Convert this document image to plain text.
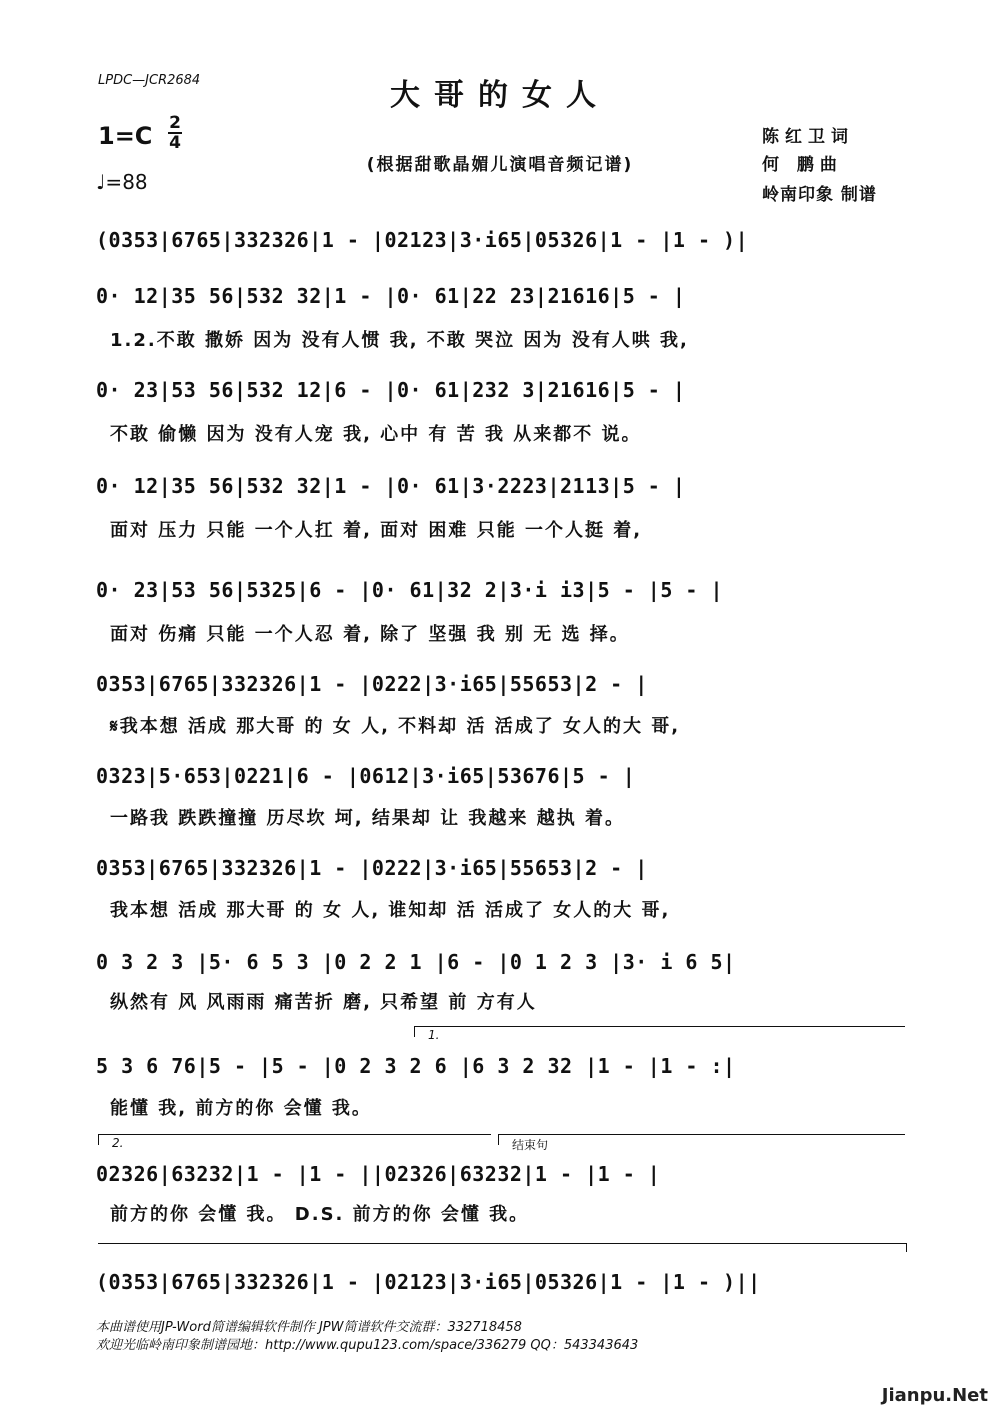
LPDC—JCR2684	大哥的女人
(根据甜歌晶媚儿演唱音频记谱)
1=C 2
4
♩=88
陈红卫词
何 鹏曲
岭南印象 制谱
(0353|6765|332326|1 - |02123|3·i65|05326|1 - |1 - )|
0· 12|35 56|532 32|1 - |0· 61|22 23|21616|5 - |
1.2.不敢 撒娇 因为 没有人惯 我, 不敢 哭泣 因为 没有人哄 我,
0· 23|53 56|532 12|6 - |0· 61|232 3|21616|5 - |
不敢 偷懒 因为 没有人宠 我, 心中 有 苦 我 从来都不 说。
0· 12|35 56|532 32|1 - |0· 61|3·2223|2113|5 - |
面对 压力 只能 一个人扛 着, 面对 困难 只能 一个人挺 着,
0· 23|53 56|5325|6 - |0· 61|32 2|3·i i3|5 - |5 - |
面对 伤痛 只能 一个人忍 着, 除了 坚强 我 别 无 选 择。
0353|6765|332326|1 - |0222|3·i65|55653|2 - |
𝄋我本想 活成 那大哥 的 女 人, 不料却 活 活成了 女人的大 哥,
0323|5·653|0221|6 - |0612|3·i65|53676|5 - |
一路我 跌跌撞撞 历尽坎 坷, 结果却 让 我越来 越执 着。
0353|6765|332326|1 - |0222|3·i65|55653|2 - |
我本想 活成 那大哥 的 女 人, 谁知却 活 活成了 女人的大 哥,
0 3 2 3 |5· 6 5 3 |0 2 2 1 |6 - |0 1 2 3 |3· i 6 5|
纵然有 风 风雨雨 痛苦折 磨, 只希望 前 方有人
1.
5 3 6 76|5 - |5 - |0 2 3 2 6 |6 3 2 32 |1 - |1 - :|
能懂 我, 前方的你 会懂 我。
2.	结束句
02326|63232|1 - |1 - ||02326|63232|1 - |1 - |
前方的你 会懂 我。 D.S. 前方的你 会懂 我。
(0353|6765|332326|1 - |02123|3·i65|05326|1 - |1 - )||
本曲谱使用JP-Word简谱编辑软件制作 JPW简谱软件交流群：332718458
欢迎光临岭南印象制谱园地：http://www.qupu123.com/space/336279 QQ：543343643
Jianpu.Net
